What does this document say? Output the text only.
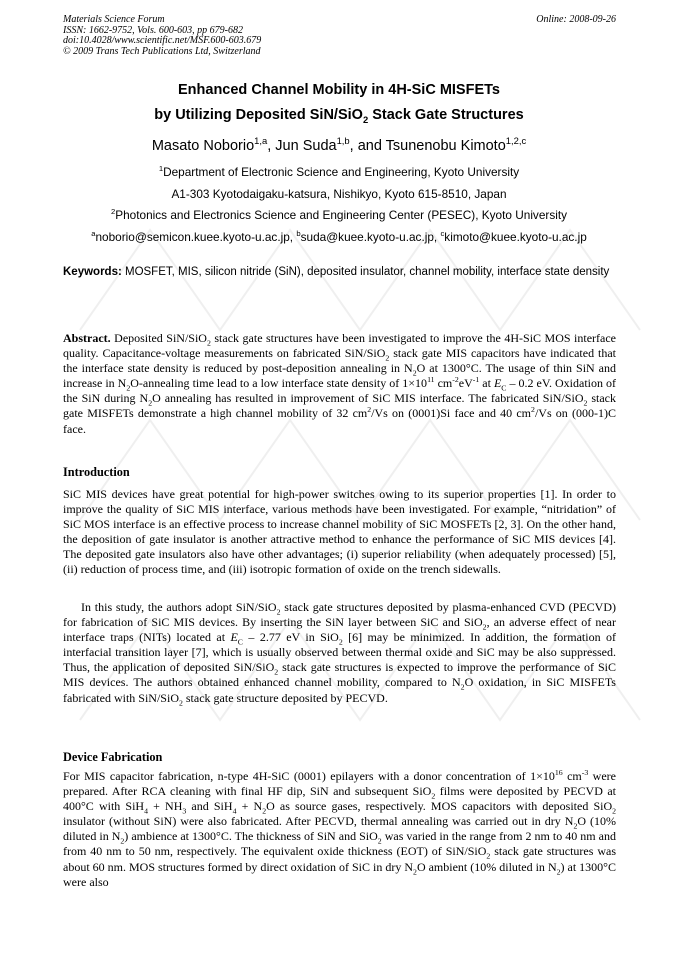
Materials Science Forum
ISSN: 1662-9752, Vols. 600-603, pp 679-682
doi:10.4028/www.scientific.net/MSF.600-603.679
© 2009 Trans Tech Publications Ltd, Switzerland
Online: 2008-09-26
Enhanced Channel Mobility in 4H-SiC MISFETs
by Utilizing Deposited SiN/SiO$_2$ Stack Gate Structures
Masato Noborio$^{1,a}$, Jun Suda$^{1,b}$, and Tsunenobu Kimoto$^{1,2,c}$
$^1$Department of Electronic Science and Engineering, Kyoto University
A1-303 Kyotodaigaku-katsura, Nishikyo, Kyoto 615-8510, Japan
$^2$Photonics and Electronics Science and Engineering Center (PESEC), Kyoto University
$^a$noborio@semicon.kuee.kyoto-u.ac.jp, $^b$suda@kuee.kyoto-u.ac.jp, $^c$kimoto@kuee.kyoto-u.ac.jp
Keywords: MOSFET, MIS, silicon nitride (SiN), deposited insulator, channel mobility, interface state density
Abstract. Deposited SiN/SiO$_2$ stack gate structures have been investigated to improve the 4H-SiC MOS interface quality. Capacitance-voltage measurements on fabricated SiN/SiO$_2$ stack gate MIS capacitors have indicated that the interface state density is reduced by post-deposition annealing in $N_2O$ at 1300°C. The usage of thin SiN and increase in $N_2O$-annealing time lead to a low interface state density of $1\times 10^{11}$ $cm^{-2}eV^{-1}$ at $E_C - 0.2$ eV. Oxidation of the SiN during $N_2O$ annealing has resulted in improvement of SiC MIS interface. The fabricated SiN/SiO$_2$ stack gate MISFETs demonstrate a high channel mobility of 32 $cm^2/Vs$ on (0001)Si face and 40 $cm^2/Vs$ on (000-1)C face.
Introduction
SiC MIS devices have great potential for high-power switches owing to its superior properties [1]. In order to improve the quality of SiC MIS interface, various methods have been investigated. For example, “nitridation” of SiC MOS interface is an effective process to increase channel mobility of SiC MOSFETs [2, 3]. On the other hand, the deposition of gate insulator is another attractive method to enhance the performance of SiC MIS devices [4]. The deposited gate insulators also have other advantages; (i) superior reliability (when adequately processed) [5], (ii) reduction of process time, and (iii) isotropic formation of oxide on the trench sidewalls.
In this study, the authors adopt SiN/SiO$_2$ stack gate structures deposited by plasma-enhanced CVD (PECVD) for fabrication of SiC MIS devices. By inserting the SiN layer between SiC and SiO$_2$, an adverse effect of near interface traps (NITs) located at $E_C - 2.77$ eV in SiO$_2$ [6] may be minimized. In addition, the formation of interfacial transition layer [7], which is usually observed between thermal oxide and SiC may be also suppressed. Thus, the application of deposited SiN/SiO$_2$ stack gate structures is expected to improve the performance of SiC MIS devices. The authors obtained enhanced channel mobility, compared to $N_2O$ oxidation, in SiC MISFETs fabricated with SiN/SiO$_2$ stack gate structure deposited by PECVD.
Device Fabrication
For MIS capacitor fabrication, n-type 4H-SiC (0001) epilayers with a donor concentration of $1\times 10^{16}$ $cm^{-3}$ were prepared. After RCA cleaning with final HF dip, SiN and subsequent SiO$_2$ films were deposited by PECVD at 400°C with $SiH_4 + NH_3$ and $SiH_4 + N_2O$ as source gases, respectively. MOS capacitors with deposited SiO$_2$ insulator (without SiN) were also fabricated. After PECVD, thermal annealing was carried out in dry $N_2O$ (10% diluted in $N_2$) ambience at 1300°C. The thickness of SiN and SiO$_2$ was varied in the range from 2 nm to 40 nm and from 40 nm to 50 nm, respectively. The equivalent oxide thickness (EOT) of SiN/SiO$_2$ stack gate structures was about 60 nm. MOS structures formed by direct oxidation of SiC in dry $N_2O$ ambient (10% diluted in $N_2$) at 1300°C were also
